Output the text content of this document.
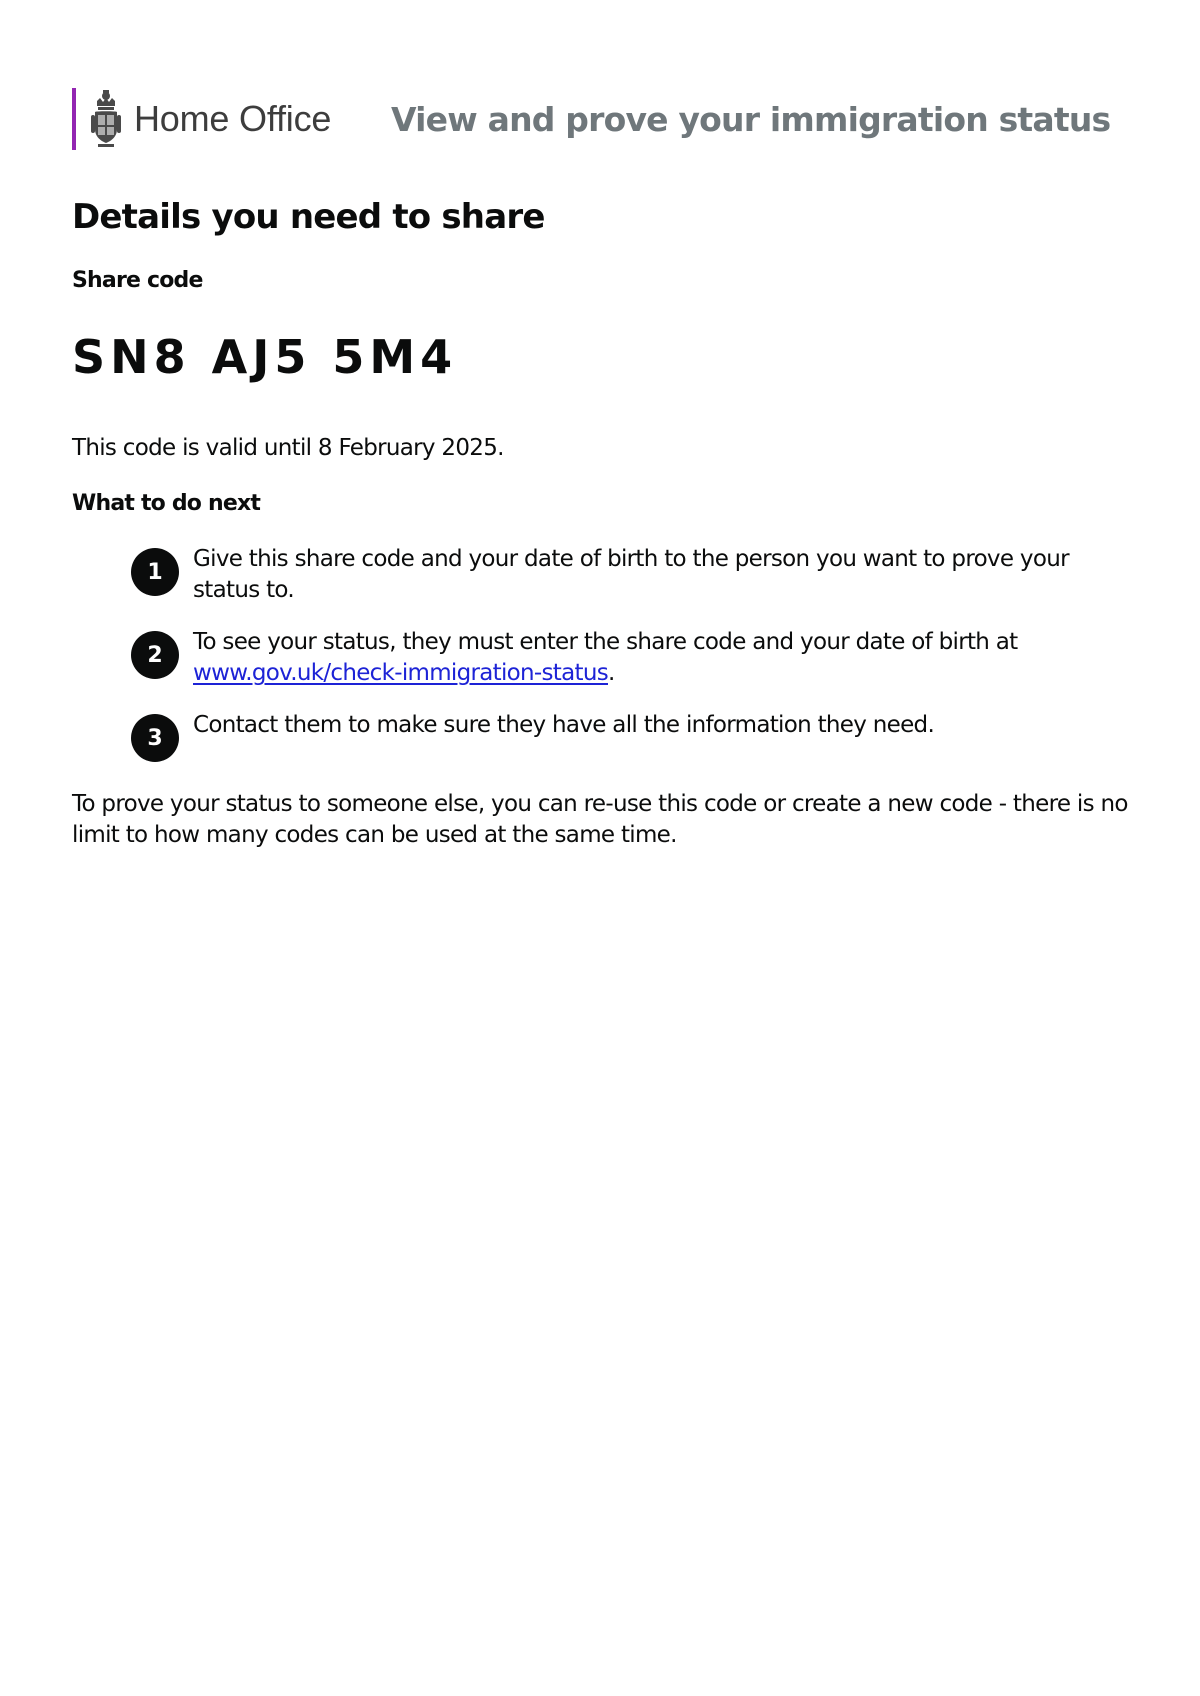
Home Office View and prove your immigration status
Details you need to share
Share code
SN8 AJ5 5M4
This code is valid until 8 February 2025.
What to do next
1	Give this share code and your date of birth to the person you want to prove your status to.
2	To see your status, they must enter the share code and your date of birth at www.gov.uk/check-immigration-status.
3	Contact them to make sure they have all the information they need.
To prove your status to someone else, you can re-use this code or create a new code - there is no limit to how many codes can be used at the same time.
